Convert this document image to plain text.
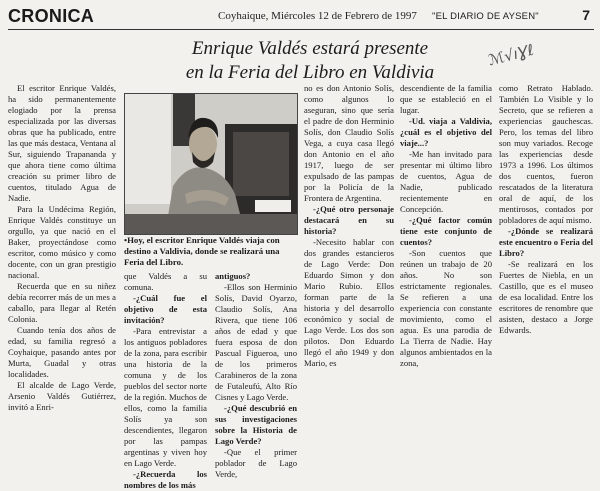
CRONICA	Coyhaique, Miércoles 12 de Febrero de 1997 "EL DIARIO DE AYSEN"	7
Enrique Valdés estará presente
en la Feria del Libro en Valdivia
ℳ√ıƔℓ
•Hoy, el escritor Enrique Valdés viaja con destino a Valdivia, donde se realizará una Feria del Libro.

El escritor Enrique Valdés, ha sido permanentemente elogiado por la prensa especializada por las diversas obras que ha publicado, entre las que más destaca, Ventana al Sur, siguiendo Trapananda y que ahora tiene como última creación su primer libro de cuentos, titulado Agua de Nadie.

Para la Undécima Región, Enrique Valdés constituye un orgullo, ya que nació en el Baker, proyectándose como escritor, como músico y como docente, con un gran prestigio nacional.

Recuerda que en su niñez debía recorrer más de un mes a caballo, para llegar al Retén Colonia.

Cuando tenía dos años de edad, su familia regresó a Coyhaique, pasando antes por Murta, Guadal y otras localidades.

El alcalde de Lago Verde, Arsenio Valdés Gutiérrez, invitó a Enri-

que Valdés a su comuna.

-¿Cuál fue el objetivo de esta invitación?

-Para entrevistar a los antiguos pobladores de la zona, para escribir una historia de la comuna y de los pueblos del sector norte de la región. Muchos de ellos, como la familia Solís ya son descendientes, llegaron por las pampas argentinas y viven hoy en Lago Verde.

-¿Recuerda los nombres de los más

antiguos?

-Ellos son Herminio Solís, David Oyarzo, Claudio Solís, Ana Rivera, que tiene 106 años de edad y que fuera esposa de don Pascual Figueroa, uno de los primeros Carabineros de la zona de Futaleufú, Alto Río Cisnes y Lago Verde.

-¿Qué descubrió en sus investigaciones sobre la Historia de Lago Verde?

-Que el primer poblador de Lago Verde,

no es don Antonio Solís, como algunos lo aseguran, sino que sería el padre de don Herminio Solís, don Claudio Solís Vega, a cuya casa llegó don Antonio en el año 1917, luego de ser expulsado de las pampas por la Policía de la Frontera de Argentina.

-¿Qué otro personaje destacará en su historia?

-Necesito hablar con dos grandes estancieros de Lago Verde: Don Eduardo Simon y don Mario Rubio. Ellos forman parte de la historia y del desarrollo económico y social de Lago Verde. Los dos son pilotos. Don Eduardo llegó el año 1949 y don Mario, es

descendiente de la familia que se estableció en el lugar.

-Ud. viaja a Valdivia, ¿cuál es el objetivo del viaje...?

-Me han invitado para presentar mi último libro de cuentos, Agua de Nadie, publicado recientemente en Concepción.

-¿Qué factor común tiene este conjunto de cuentos?

-Son cuentos que reúnen un trabajo de 20 años. No son estrictamente regionales. Se refieren a una experiencia con constante movimiento, como el agua. Es una parodia de La Tierra de Nadie. Hay algunos ambientados en la zona,

como Retrato Hablado. También Lo Visible y lo Secreto, que se refieren a experiencias gauchescas. Pero, los temas del libro son muy variados. Recoge las experiencias desde 1973 a 1996. Los últimos dos cuentos, fueron rescatados de la literatura oral de aquí, de los mentirosos, contados por pobladores de aquí mismo.

-¿Dónde se realizará este encuentro o Feria del Libro?

-Se realizará en los Fuertes de Niebla, en un Castillo, que es el museo de esa localidad. Entre los escritores de renombre que asisten, destaco a Jorge Edwards.
